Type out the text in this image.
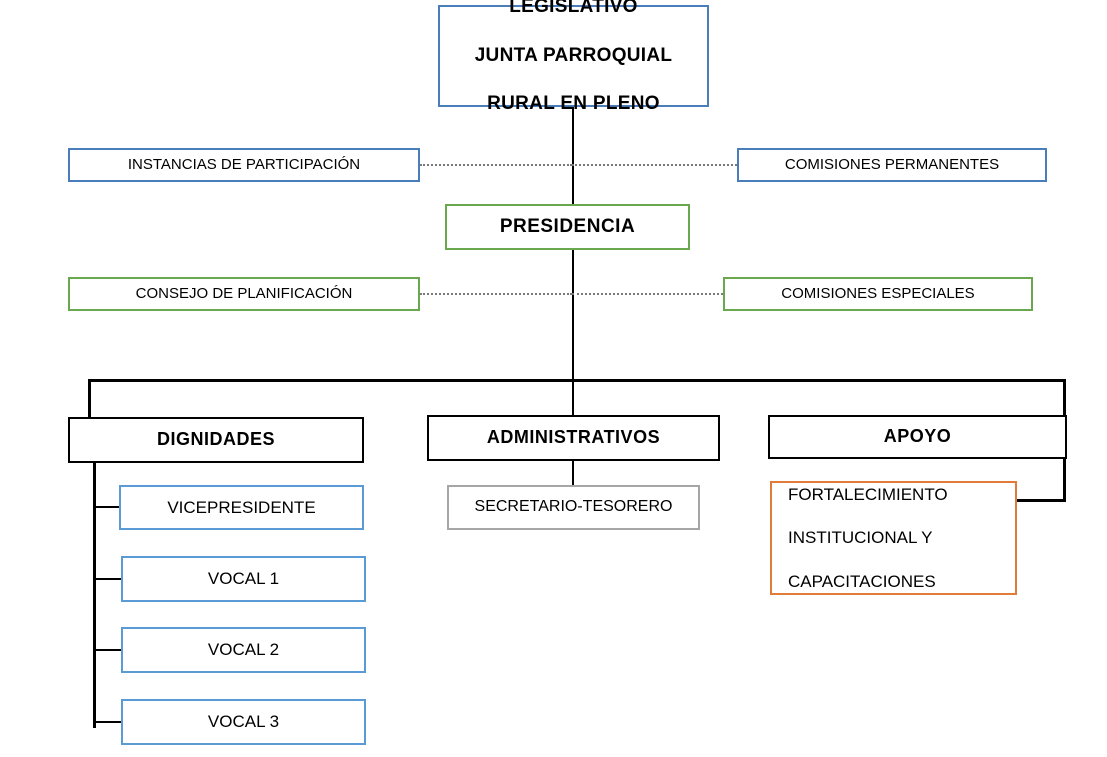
LEGISLATIVO

JUNTA PARROQUIAL

RURAL EN PLENO
INSTANCIAS DE PARTICIPACIÓN	COMISIONES PERMANENTES
PRESIDENCIA
CONSEJO DE PLANIFICACIÓN	COMISIONES ESPECIALES
DIGNIDADES	ADMINISTRATIVOS	APOYO
VICEPRESIDENTE
VOCAL 1
VOCAL 2
VOCAL 3
SECRETARIO-TESORERO
FORTALECIMIENTO

INSTITUCIONAL Y

CAPACITACIONES
